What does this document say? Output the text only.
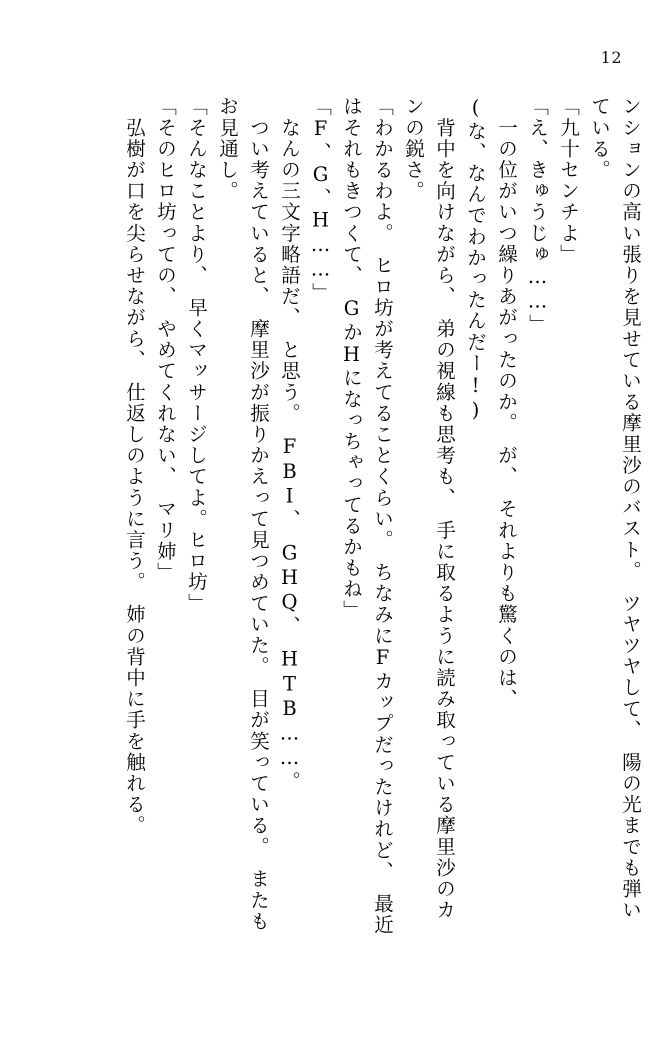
12
ンションの高い張りを見せている摩里沙のバスト。　ツヤツヤして、　陽の光までも弾い
ている。
「九十センチよ」
「え、きゅうじゅ……」
　一の位がいつ繰りあがったのか。　が、　それよりも驚くのは、
(な、なんでわかったんだー!)
　背中を向けながら、　弟の視線も思考も、　手に取るように読み取っている摩里沙のカ
ンの鋭さ。
「わかるわよ。　ヒロ坊が考えてることくらい。　ちなみにFカップだったけれど、　最近
はそれもきつくて、　GかHになっちゃってるかもね」
「F、G、H……」
　なんの三文字略語だ、　と思う。　FBI、　GHQ、　HTB……。
　つい考えていると、　摩里沙が振りかえって見つめていた。　目が笑っている。　またも
お見通し。
「そんなことより、　早くマッサージしてよ。ヒロ坊」
「そのヒロ坊っての、　やめてくれない、　マリ姉」
　弘樹が口を尖らせながら、　仕返しのように言う。　姉の背中に手を触れる。
